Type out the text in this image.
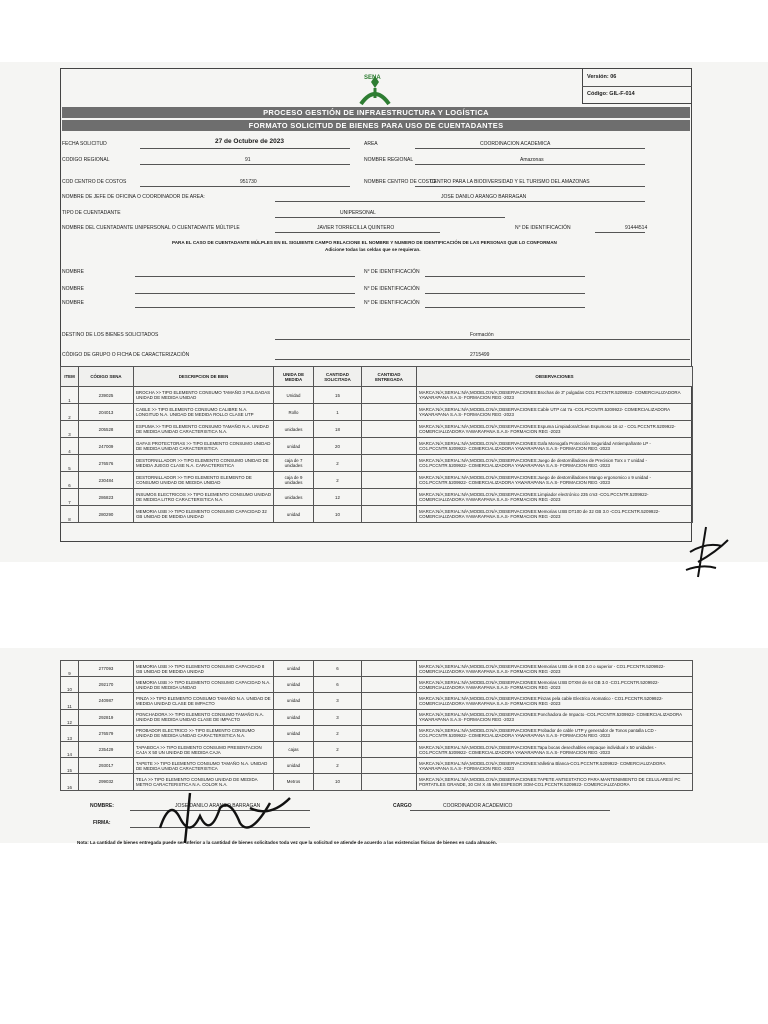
SENA	Versión: 06
Código: GIL-F-014
PROCESO GESTIÓN DE INFRAESTRUCTURA Y LOGÍSTICA
FORMATO SOLICITUD DE BIENES PARA USO DE CUENTADANTES
FECHA SOLICITUD	27 de Octubre de 2023	AREA	COORDINACION ACADEMICA
CODIGO REGIONAL	91	NOMBRE REGIONAL	Amazonas
COD CENTRO DE COSTOS	951730	NOMBRE CENTRO DE COSTO
CENTRO PARA LA BIODIVERSIDAD Y EL TURISMO DEL AMAZONAS
NOMBRE DE JEFE DE OFICINA O COORDINADOR DE AREA:	JOSE DANILO ARANGO BARRAGAN
TIPO DE CUENTADANTE	UNIPERSONAL
NOMBRE DEL CUENTADANTE UNIPERSONAL O CUENTADANTE MÚLTIPLE	JAVIER TORRECILLA QUINTERO	N° DE IDENTIFICACIÓN	91444514
PARA EL CASO DE CUENTADANTE MÚLPLES EN EL SIGUIENTE CAMPO RELACIONE EL NOMBRE Y NUMERO DE IDENTIFICACIÓN DE LAS PERSONAS QUE LO CONFORMAN
Adicione todas las celdas que se requieran.
NOMBRE	N° DE IDENTIFICACIÓN
NOMBRE	N° DE IDENTIFICACIÓN
NOMBRE	N° DE IDENTIFICACIÓN
DESTINO DE LOS BIENES SOLICITADOS	Formación
CÓDIGO DE GRUPO O FICHA DE CARACTERIZACIÓN	2715499
ITEM	CÓDIGO SENA	DESCRIPCION DE BIEN	UNIDA DE MEDIDA	CANTIDAD SOLICITADA	CANTIDAD ENTREGADA	OBSERVACIONES
1	239025	BROCHA >> TIPO ELEMENTO CONSUMO TAMAÑO 3 PULGADAS UNIDAD DE MEDIDA UNIDAD	Unidad	15		MARCA:N/A;SERIAL:N/A;MODELO:N/A;OBSERVACIONES:Brochas de 3" pulgadas CO1.PCCNTR.5209922- COMERCIALIZADORA YAWARAPANA S.A.S- FORMACION REG -2023
2	204013	CABLE >> TIPO ELEMENTO CONSUMO CALIBRE N.A. LONGITUD N.A. UNIDAD DE MEDIDA ROLLO CLASE UTP	Rollo	1		MARCA:N/A;SERIAL:N/A;MODELO:N/A;OBSERVACIONES:Cable UTP cat 7a -CO1.PCCNTR.5209922- COMERCIALIZADORA YAWARAPANA S.A.S- FORMACION REG -2023
3	205528	ESPUMA >> TIPO ELEMENTO CONSUMO TAMAÑO N.A. UNIDAD DE MEDIDA UNIDAD CARACTERISTICA N.A.	unidades	18		MARCA:N/A;SERIAL:N/A;MODELO:N/A;OBSERVACIONES:Espuma Limpiadora/Clean Espumoso 16 oz - CO1.PCCNTR.5209922- COMERCIALIZADORA YAWARAPANA S.A.S- FORMACION REG -2023
4	247009	GAFAS PROTECTORAS >> TIPO ELEMENTO CONSUMO UNIDAD DE MEDIDA UNIDAD CARACTERISTICA	unidad	20		MARCA:N/A;SERIAL:N/A;MODELO:N/A;OBSERVACIONES:Gafa Monogafa Protección Seguridad Antiempañante LP - CO1.PCCNTR.5209922- COMERCIALIZADORA YAWARAPANA S.A.S- FORMACION REG -2023
5	276576	DESTORNILLADOR >> TIPO ELEMENTO CONSUMO UNIDAD DE MEDIDA JUEGO CLASE N.A. CARACTERISTICA	caja de 7 unidades	2		MARCA:N/A;SERIAL:N/A;MODELO:N/A;OBSERVACIONES:Juego de destornilladores de Precision Torx x 7 unidad - CO1.PCCNTR.5209922- COMERCIALIZADORA YAWARAPANA S.A.S- FORMACION REG -2023
6	230484	DESTORNILLADOR >> TIPO ELEMENTO ELEMENTO DE CONSUMO UNIDAD DE MEDIDA UNIDAD	caja de 9 unidades	2		MARCA:N/A;SERIAL:N/A;MODELO:N/A;OBSERVACIONES:Juego de destornilladores Mango ergonomico x 9 unidad - CO1.PCCNTR.5209922- COMERCIALIZADORA YAWARAPANA S.A.S- FORMACION REG -2023
7	286823	INSUMOS ELECTRICOS >> TIPO ELEMENTO CONSUMO UNIDAD DE MEDIDA LITRO CARACTERISTICA N.A.	unidades	12		MARCA:N/A;SERIAL:N/A;MODELO:N/A;OBSERVACIONES:Limpiador electrónico 235 cm3 -CO1.PCCNTR.5209922- COMERCIALIZADORA YAWARAPANA S.A.S- FORMACION REG -2023
8	280290	MEMORIA USB >> TIPO ELEMENTO CONSUMO CAPACIDAD 32 GB UNIDAD DE MEDIDA UNIDAD	unidad	10		MARCA:N/A;SERIAL:N/A;MODELO:N/A;OBSERVACIONES:Memorias USB DT100 de 32 GB 3.0 -CO1.PCCNTR.5209922- COMERCIALIZADORA YAWARAPANA S.A.S- FORMACION REG -2023
9	277093	MEMORIA USB >> TIPO ELEMENTO CONSUMO CAPACIDAD 8 GB UNIDAD DE MEDIDA UNIDAD	unidad	6		MARCA:N/A;SERIAL:N/A;MODELO:N/A;OBSERVACIONES:Memorias USB de 8 GB 2.0 o superior - CO1.PCCNTR.5209922- COMERCIALIZADORA YAWARAPANA S.A.S- FORMACION REG -2023
10	292170	MEMORIA USB >> TIPO ELEMENTO CONSUMO CAPACIDAD N.A. UNIDAD DE MEDIDA UNIDAD	unidad	6		MARCA:N/A;SERIAL:N/A;MODELO:N/A;OBSERVACIONES:Memorias USB DTXM de 64 GB 3.0 -CO1.PCCNTR.5209922- COMERCIALIZADORA YAWARAPANA S.A.S- FORMACION REG -2023
11	240987	PINZA >> TIPO ELEMENTO CONSUMO TAMAÑO N.A. UNIDAD DE MEDIDA UNIDAD CLASE DE IMPACTO	unidad	3		MARCA:N/A;SERIAL:N/A;MODELO:N/A;OBSERVACIONES:Pinzas pela cable Electrico Atomatico - CO1.PCCNTR.5209922- COMERCIALIZADORA YAWARAPANA S.A.S- FORMACION REG -2023
12	292819	PONCHADORA >> TIPO ELEMENTO CONSUMO TAMAÑO N.A. UNIDAD DE MEDIDA UNIDAD CLASE DE IMPACTO	unidad	3		MARCA:N/A;SERIAL:N/A;MODELO:N/A;OBSERVACIONES:Ponchadora de Impacto -CO1.PCCNTR.5209922- COMERCIALIZADORA YAWARAPANA S.A.S- FORMACION REG -2023
13	276579	PROBADOR ELECTRICO >> TIPO ELEMENTO CONSUMO UNIDAD DE MEDIDA UNIDAD CARACTERISTICA N.A.	unidad	2		MARCA:N/A;SERIAL:N/A;MODELO:N/A;OBSERVACIONES:Probador de cable UTP y generador de Tonos pantalla LCD - CO1.PCCNTR.5209922- COMERCIALIZADORA YAWARAPANA S.A.S- FORMACION REG -2023
14	235429	TAPABOCA >> TIPO ELEMENTO CONSUMO PRESENTACION CAJA X 50 UN UNIDAD DE MEDIDA CAJA	cajas	2		MARCA:N/A;SERIAL:N/A;MODELO:N/A;OBSERVACIONES:Tapa bocas desechables empaque individual x 50 unidades - CO1.PCCNTR.5209922- COMERCIALIZADORA YAWARAPANA S.A.S- FORMACION REG -2023
15	293017	TAPETE >> TIPO ELEMENTO CONSUMO TAMAÑO N.A. UNIDAD DE MEDIDA UNIDAD CARACTERISTICA	unidad	2		MARCA:N/A;SERIAL:N/A;MODELO:N/A;OBSERVACIONES:Valletina Blanca-CO1.PCCNTR.5209922- COMERCIALIZADORA YAWARAPANA S.A.S- FORMACION REG -2023
16	299032	TELA >> TIPO ELEMENTO CONSUMO UNIDAD DE MEDIDA METRO CARACTERISTICA N.A. COLOR N.A.	Metros	10		MARCA:N/A;SERIAL:N/A;MODELO:N/A;OBSERVACIONES:TAPETE ANTIESTATICO PARA MANTENIMIENTO DE CELULARES/ PC PORTATILES GRANDE, 30 CM X 45 MM ESPESOR 3OM-CO1.PCCNTR.5209922- COMERCIALIZADORA
NOMBRE:	JOSE DANILO ARANGO BARRAGAN	CARGO	COORDINADOR ACADEMICO
FIRMA:
Nota: La cantidad de bienes entregada puede ser inferior a la cantidad de bienes solicitados toda vez que la solicitud se atiende de acuerdo a las existencias físicas de bienes en cada almacén.
